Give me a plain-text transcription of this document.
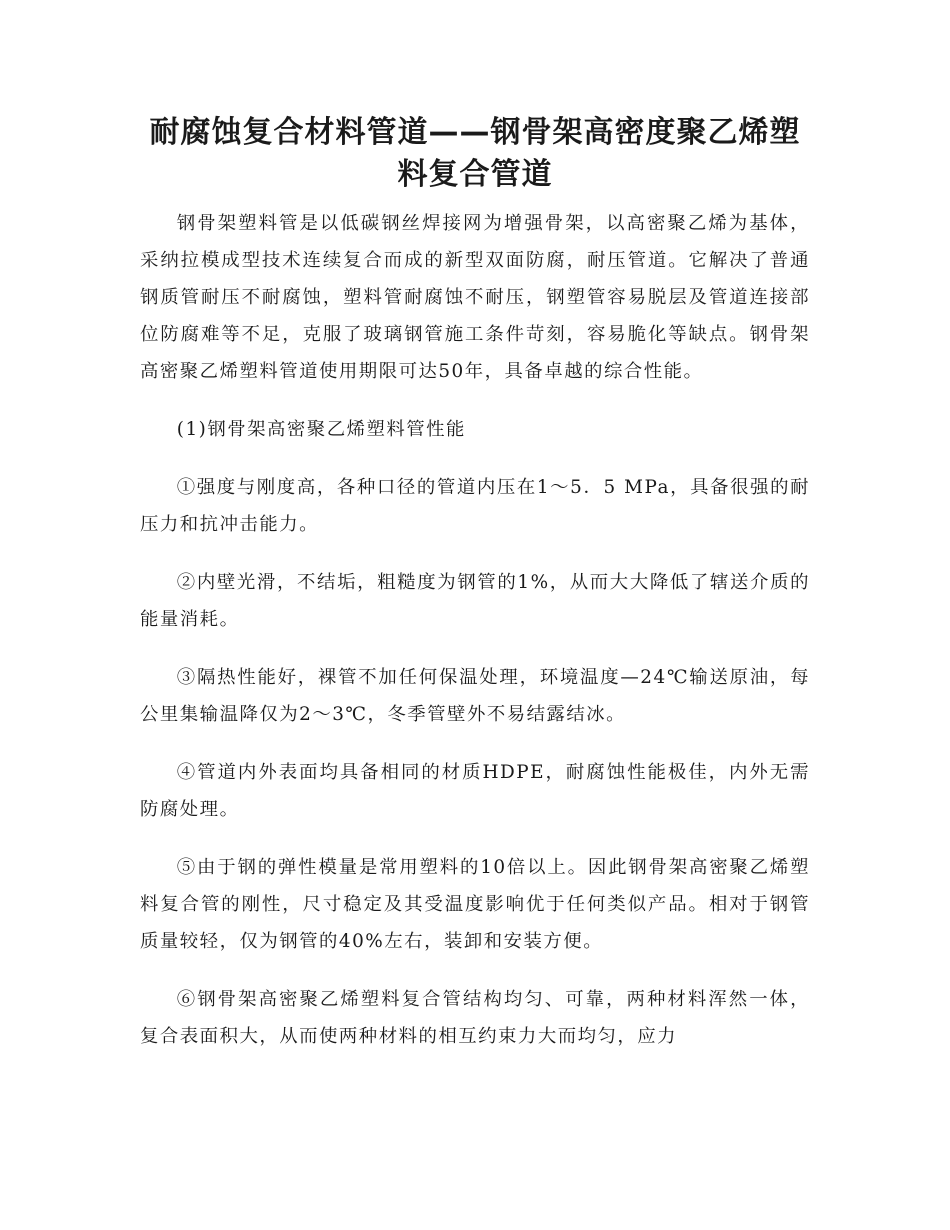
耐腐蚀复合材料管道——钢骨架高密度聚乙烯塑料复合管道

钢骨架塑料管是以低碳钢丝焊接网为增强骨架，以高密聚乙烯为基体，采纳拉模成型技术连续复合而成的新型双面防腐，耐压管道。它解决了普通钢质管耐压不耐腐蚀，塑料管耐腐蚀不耐压，钢塑管容易脱层及管道连接部位防腐难等不足，克服了玻璃钢管施工条件苛刻，容易脆化等缺点。钢骨架高密聚乙烯塑料管道使用期限可达50年，具备卓越的综合性能。

(1)钢骨架高密聚乙烯塑料管性能

①强度与刚度高，各种口径的管道内压在1～5．5 MPa，具备很强的耐压力和抗冲击能力。

②内壁光滑，不结垢，粗糙度为钢管的1%，从而大大降低了辖送介质的能量消耗。

③隔热性能好，裸管不加任何保温处理，环境温度—24℃输送原油，每公里集输温降仅为2～3℃，冬季管壁外不易结露结冰。

④管道内外表面均具备相同的材质HDPE，耐腐蚀性能极佳，内外无需防腐处理。

⑤由于钢的弹性模量是常用塑料的10倍以上。因此钢骨架高密聚乙烯塑料复合管的刚性，尺寸稳定及其受温度影响优于任何类似产品。相对于钢管质量较轻，仅为钢管的40%左右，装卸和安装方便。

⑥钢骨架高密聚乙烯塑料复合管结构均匀、可靠，两种材料浑然一体，复合表面积大，从而使两种材料的相互约束力大而均匀，应力
